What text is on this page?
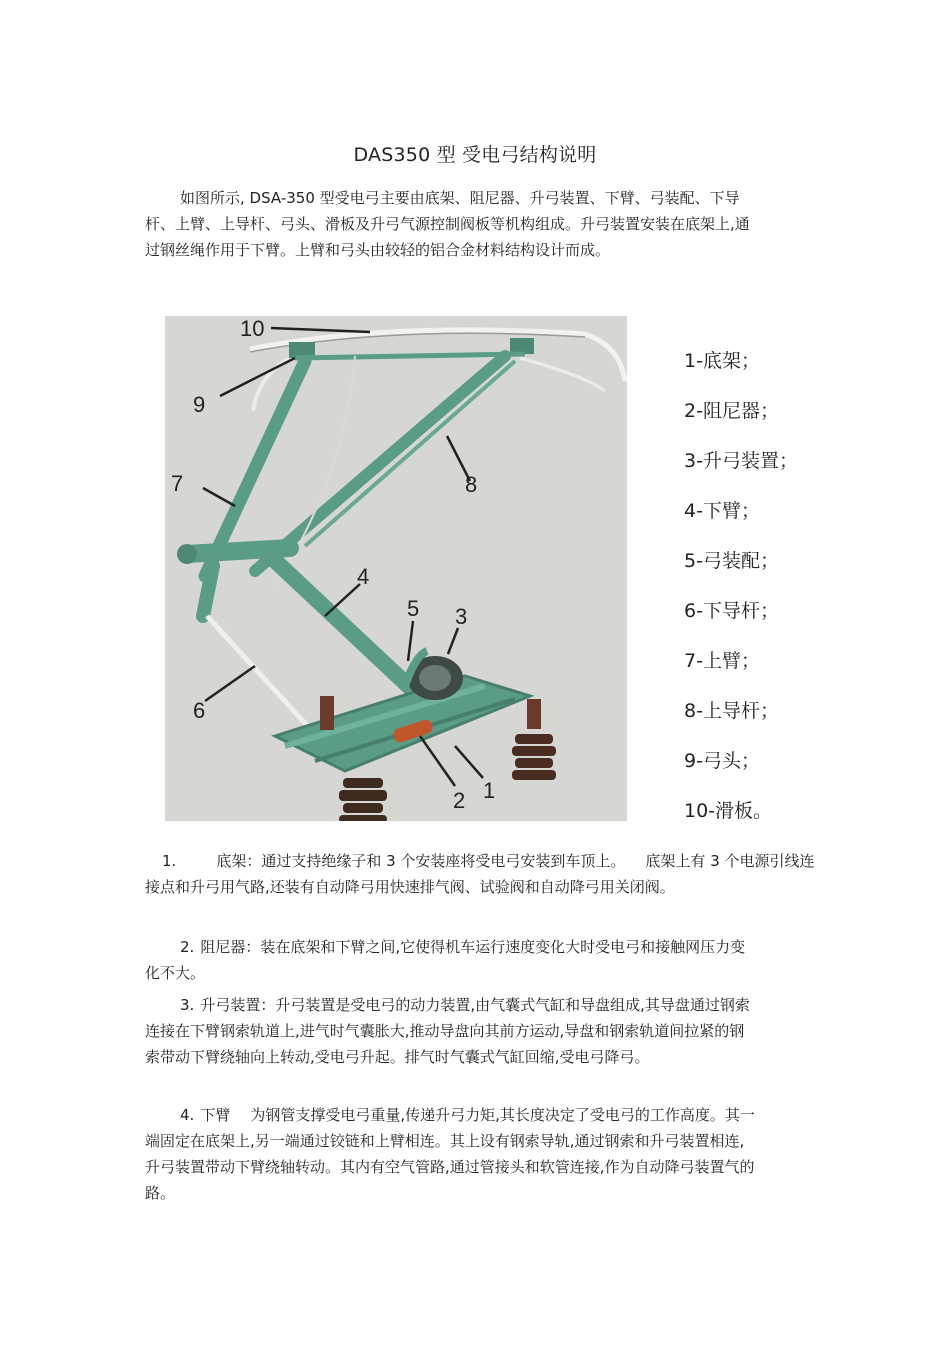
DAS350 型 受电弓结构说明

如图所示, DSA-350 型受电弓主要由底架、阻尼器、升弓装置、下臂、弓装配、下导杆、上臂、上导杆、弓头、滑板及升弓气源控制阀板等机构组成。升弓装置安装在底架上,通过钢丝绳作用于下臂。上臂和弓头由较轻的铝合金材料结构设计而成。

10
9
8
7
4
5 3
6
2 1
1-底架；
2-阻尼器；
3-升弓装置；
4-下臂；
5-弓装配；
6-下导杆；
7-上臂；
8-上导杆；
9-弓头；
10-滑板。

1.	底架：通过支持绝缘子和 3 个安装座将受电弓安装到车顶上。 底架上有 3 个电源引线连接点和升弓用气路,还装有自动降弓用快速排气阀、试验阀和自动降弓用关闭阀。

2. 阻尼器：装在底架和下臂之间,它使得机车运行速度变化大时受电弓和接触网压力变化不大。

3. 升弓装置：升弓装置是受电弓的动力装置,由气囊式气缸和导盘组成,其导盘通过钢索连接在下臂钢索轨道上,进气时气囊胀大,推动导盘向其前方运动,导盘和钢索轨道间拉紧的钢索带动下臂绕轴向上转动,受电弓升起。排气时气囊式气缸回缩,受电弓降弓。

4. 下臂 为钢管支撑受电弓重量,传递升弓力矩,其长度决定了受电弓的工作高度。其一端固定在底架上,另一端通过铰链和上臂相连。其上设有钢索导轨,通过钢索和升弓装置相连,升弓装置带动下臂绕轴转动。其内有空气管路,通过管接头和软管连接,作为自动降弓装置气的路。
